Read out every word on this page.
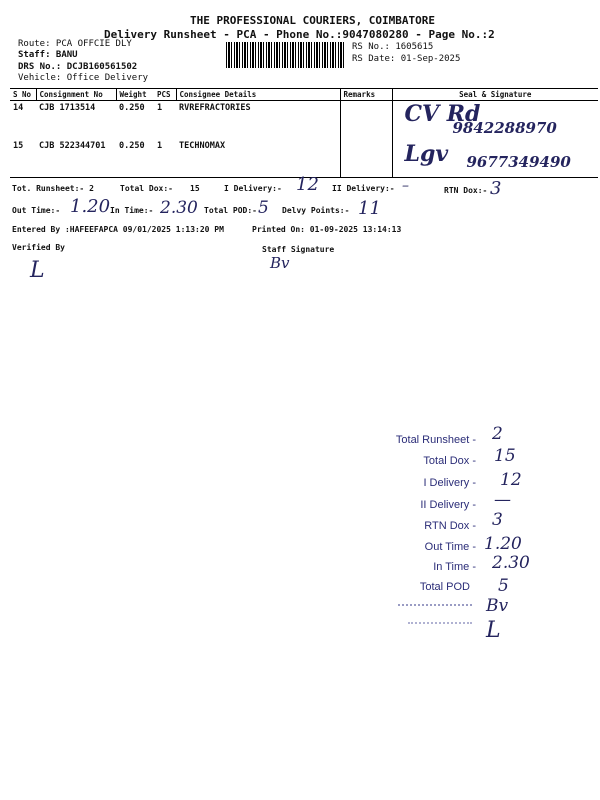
THE PROFESSIONAL COURIERS, COIMBATORE
Delivery Runsheet - PCA - Phone No.:9047080280 - Page No.:2
Route: PCA OFFCIE DLY
Staff: BANU
DRS No.: DCJB160561502
Vehicle: Office Delivery
RS No.: 1605615
RS Date: 01-Sep-2025
S No	Consignment No	Weight	PCS	Consignee Details	Remarks	Seal & Signature
14	CJB 1713514	0.250	1	RVREFRACTORIES		CV Rd
9842288970

15	CJB 522344701	0.250	1	TECHNOMAX		Lgv 9677349490
Tot. Runsheet:- 2	Total Dox:- 15	I Delivery:- 12 II Delivery:- –	RTN Dox:- 3
Out Time:- 1.20 In Time:- 2.30 Total POD:- 5 Delvy Points:- 11
Entered By :HAFEEFAPCA 09/01/2025 1:13:20 PM	Printed On: 01-09-2025 13:14:13
Verified By	Staff Signature
L	Bv
Total Runsheet - 2
Total Dox - 15
I Delivery - 12
II Delivery - —
RTN Dox - 3
Out Time - 1.20
In Time - 2.30
Total POD 5
Bv
L
